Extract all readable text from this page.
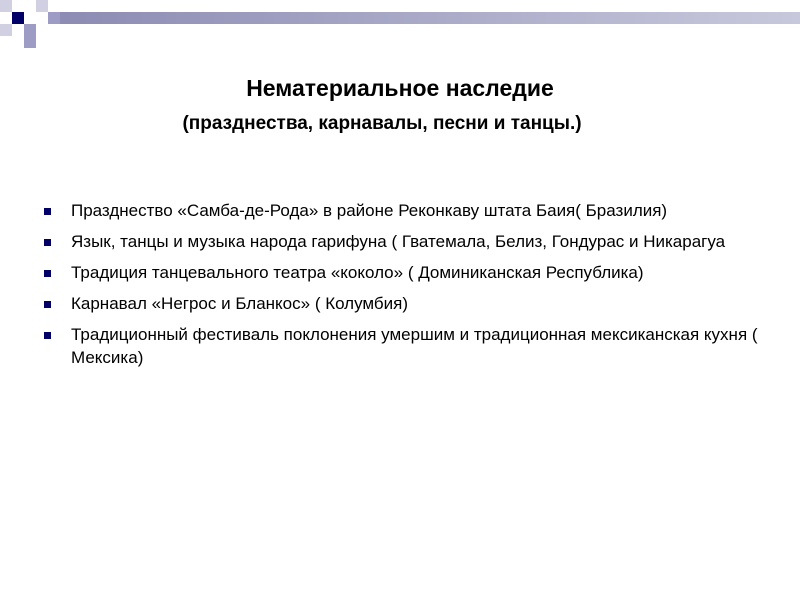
Нематериальное наследие
(празднества, карнавалы, песни и танцы.)
Празднество «Самба-де-Рода» в районе Реконкаву штата Баия( Бразилия)
Язык, танцы и музыка народа гарифуна ( Гватемала, Белиз, Гондурас и Никарагуа
Традиция танцевального театра «коколо» ( Доминиканская Республика)
Карнавал «Негрос и Бланкос» ( Колумбия)
Традиционный фестиваль поклонения умершим и традиционная мексиканская кухня ( Мексика)
